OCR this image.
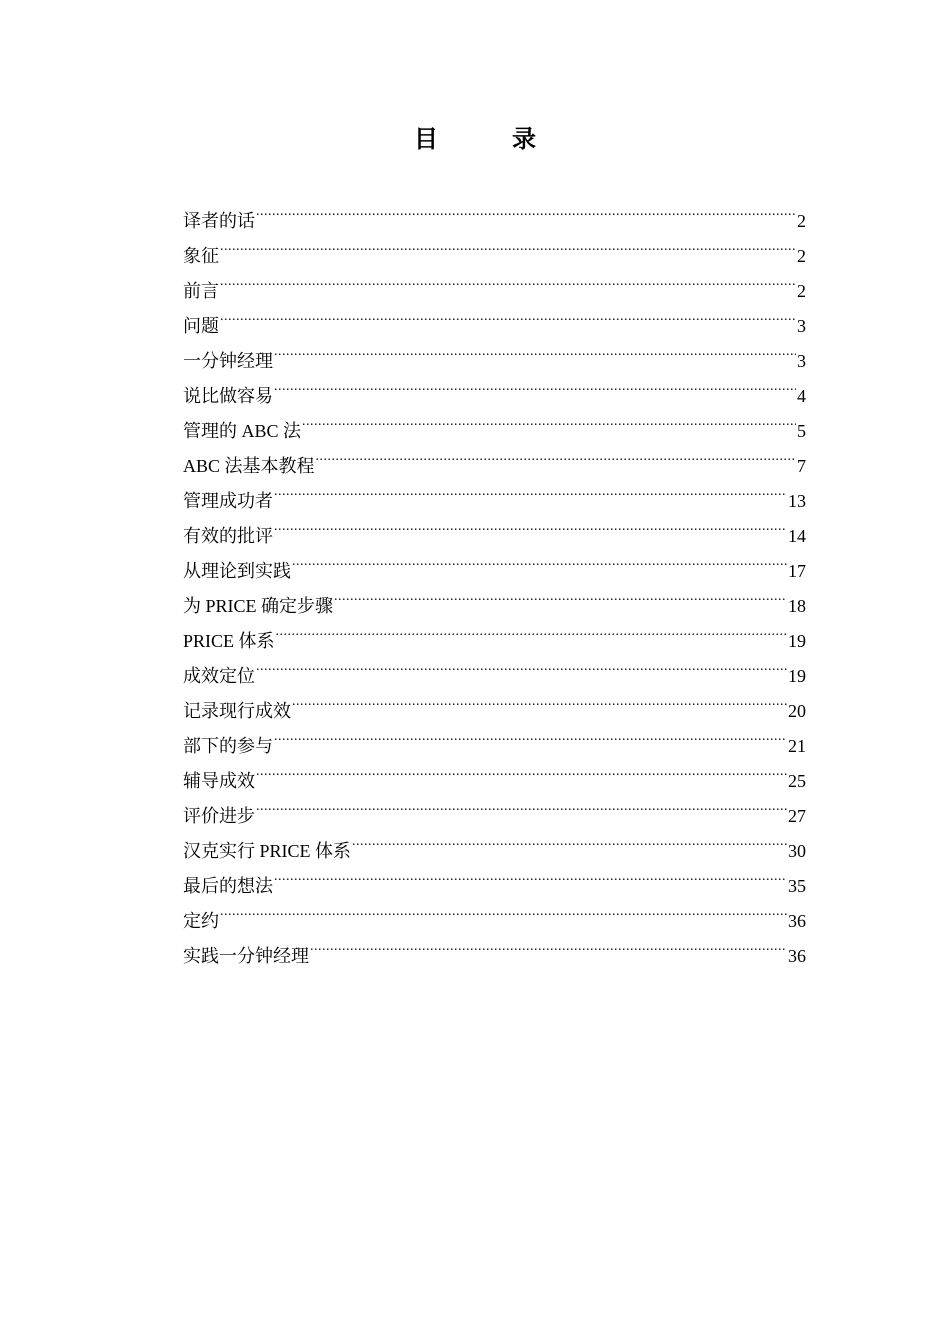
目 录
译者的话 .....	2
象征 .....	2
前言 .....	2
问题 .....	3
一分钟经理 .....	3
说比做容易 .....	4
管理的 ABC 法 .....	5
ABC 法基本教程 .....	7
管理成功者 .....	13
有效的批评 .....	14
从理论到实践 .....	17
为 PRICE 确定步骤 .....	18
PRICE 体系 .....	19
成效定位 .....	19
记录现行成效 .....	20
部下的参与 .....	21
辅导成效 .....	25
评价进步 .....	27
汉克实行 PRICE 体系 .....	30
最后的想法 .....	35
定约 .....	36
实践一分钟经理 .....	36
